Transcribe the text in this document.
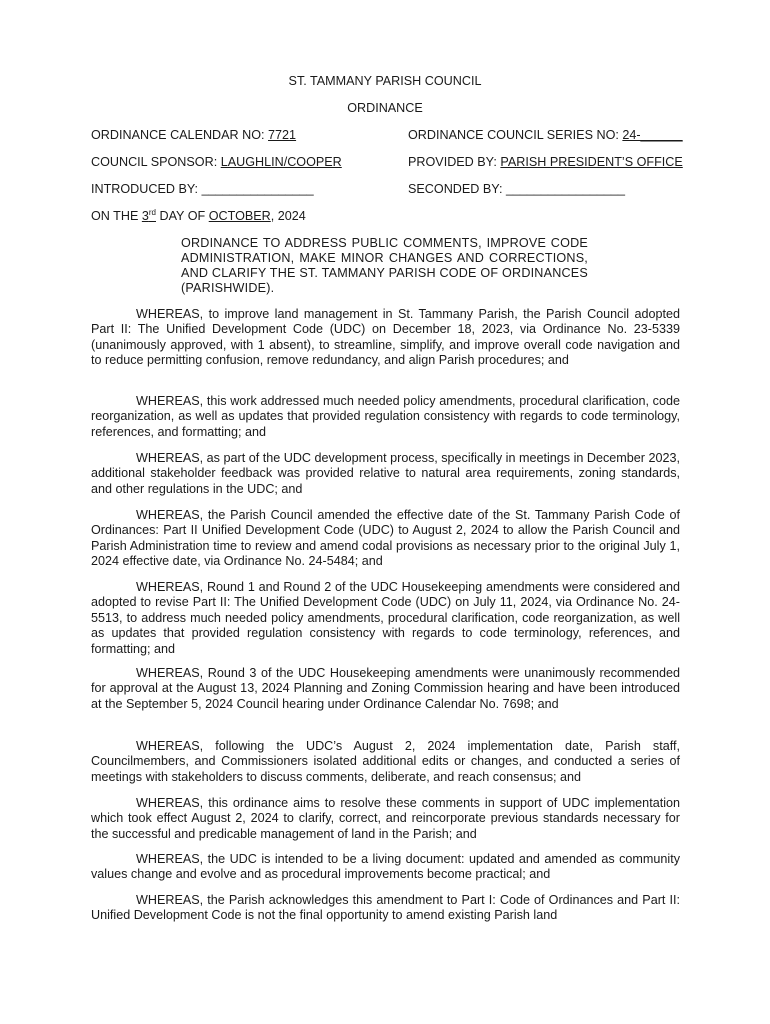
ST. TAMMANY PARISH COUNCIL
ORDINANCE
ORDINANCE CALENDAR NO: 7721	ORDINANCE COUNCIL SERIES NO: 24-______
COUNCIL SPONSOR: LAUGHLIN/COOPER	PROVIDED BY: PARISH PRESIDENT’S OFFICE
INTRODUCED BY: ________________	SECONDED BY: _________________
ON THE 3rd DAY OF OCTOBER, 2024
ORDINANCE TO ADDRESS PUBLIC COMMENTS, IMPROVE CODE ADMINISTRATION, MAKE MINOR CHANGES AND CORRECTIONS, AND CLARIFY THE ST. TAMMANY PARISH CODE OF ORDINANCES (PARISHWIDE).
WHEREAS, to improve land management in St. Tammany Parish, the Parish Council adopted Part II: The Unified Development Code (UDC) on December 18, 2023, via Ordinance No. 23-5339 (unanimously approved, with 1 absent), to streamline, simplify, and improve overall code navigation and to reduce permitting confusion, remove redundancy, and align Parish procedures; and
WHEREAS, this work addressed much needed policy amendments, procedural clarification, code reorganization, as well as updates that provided regulation consistency with regards to code terminology, references, and formatting; and
WHEREAS, as part of the UDC development process, specifically in meetings in December 2023, additional stakeholder feedback was provided relative to natural area requirements, zoning standards, and other regulations in the UDC; and
WHEREAS, the Parish Council amended the effective date of the St. Tammany Parish Code of Ordinances: Part II Unified Development Code (UDC) to August 2, 2024 to allow the Parish Council and Parish Administration time to review and amend codal provisions as necessary prior to the original July 1, 2024 effective date, via Ordinance No. 24-5484; and
WHEREAS, Round 1 and Round 2 of the UDC Housekeeping amendments were considered and adopted to revise Part II: The Unified Development Code (UDC) on July 11, 2024, via Ordinance No. 24-5513, to address much needed policy amendments, procedural clarification, code reorganization, as well as updates that provided regulation consistency with regards to code terminology, references, and formatting; and
WHEREAS, Round 3 of the UDC Housekeeping amendments were unanimously recommended for approval at the August 13, 2024 Planning and Zoning Commission hearing and have been introduced at the September 5, 2024 Council hearing under Ordinance Calendar No. 7698; and
WHEREAS, following the UDC’s August 2, 2024 implementation date, Parish staff, Councilmembers, and Commissioners isolated additional edits or changes, and conducted a series of meetings with stakeholders to discuss comments, deliberate, and reach consensus; and
WHEREAS, this ordinance aims to resolve these comments in support of UDC implementation which took effect August 2, 2024 to clarify, correct, and reincorporate previous standards necessary for the successful and predicable management of land in the Parish; and
WHEREAS, the UDC is intended to be a living document: updated and amended as community values change and evolve and as procedural improvements become practical; and
WHEREAS, the Parish acknowledges this amendment to Part I: Code of Ordinances and Part II: Unified Development Code is not the final opportunity to amend existing Parish land
